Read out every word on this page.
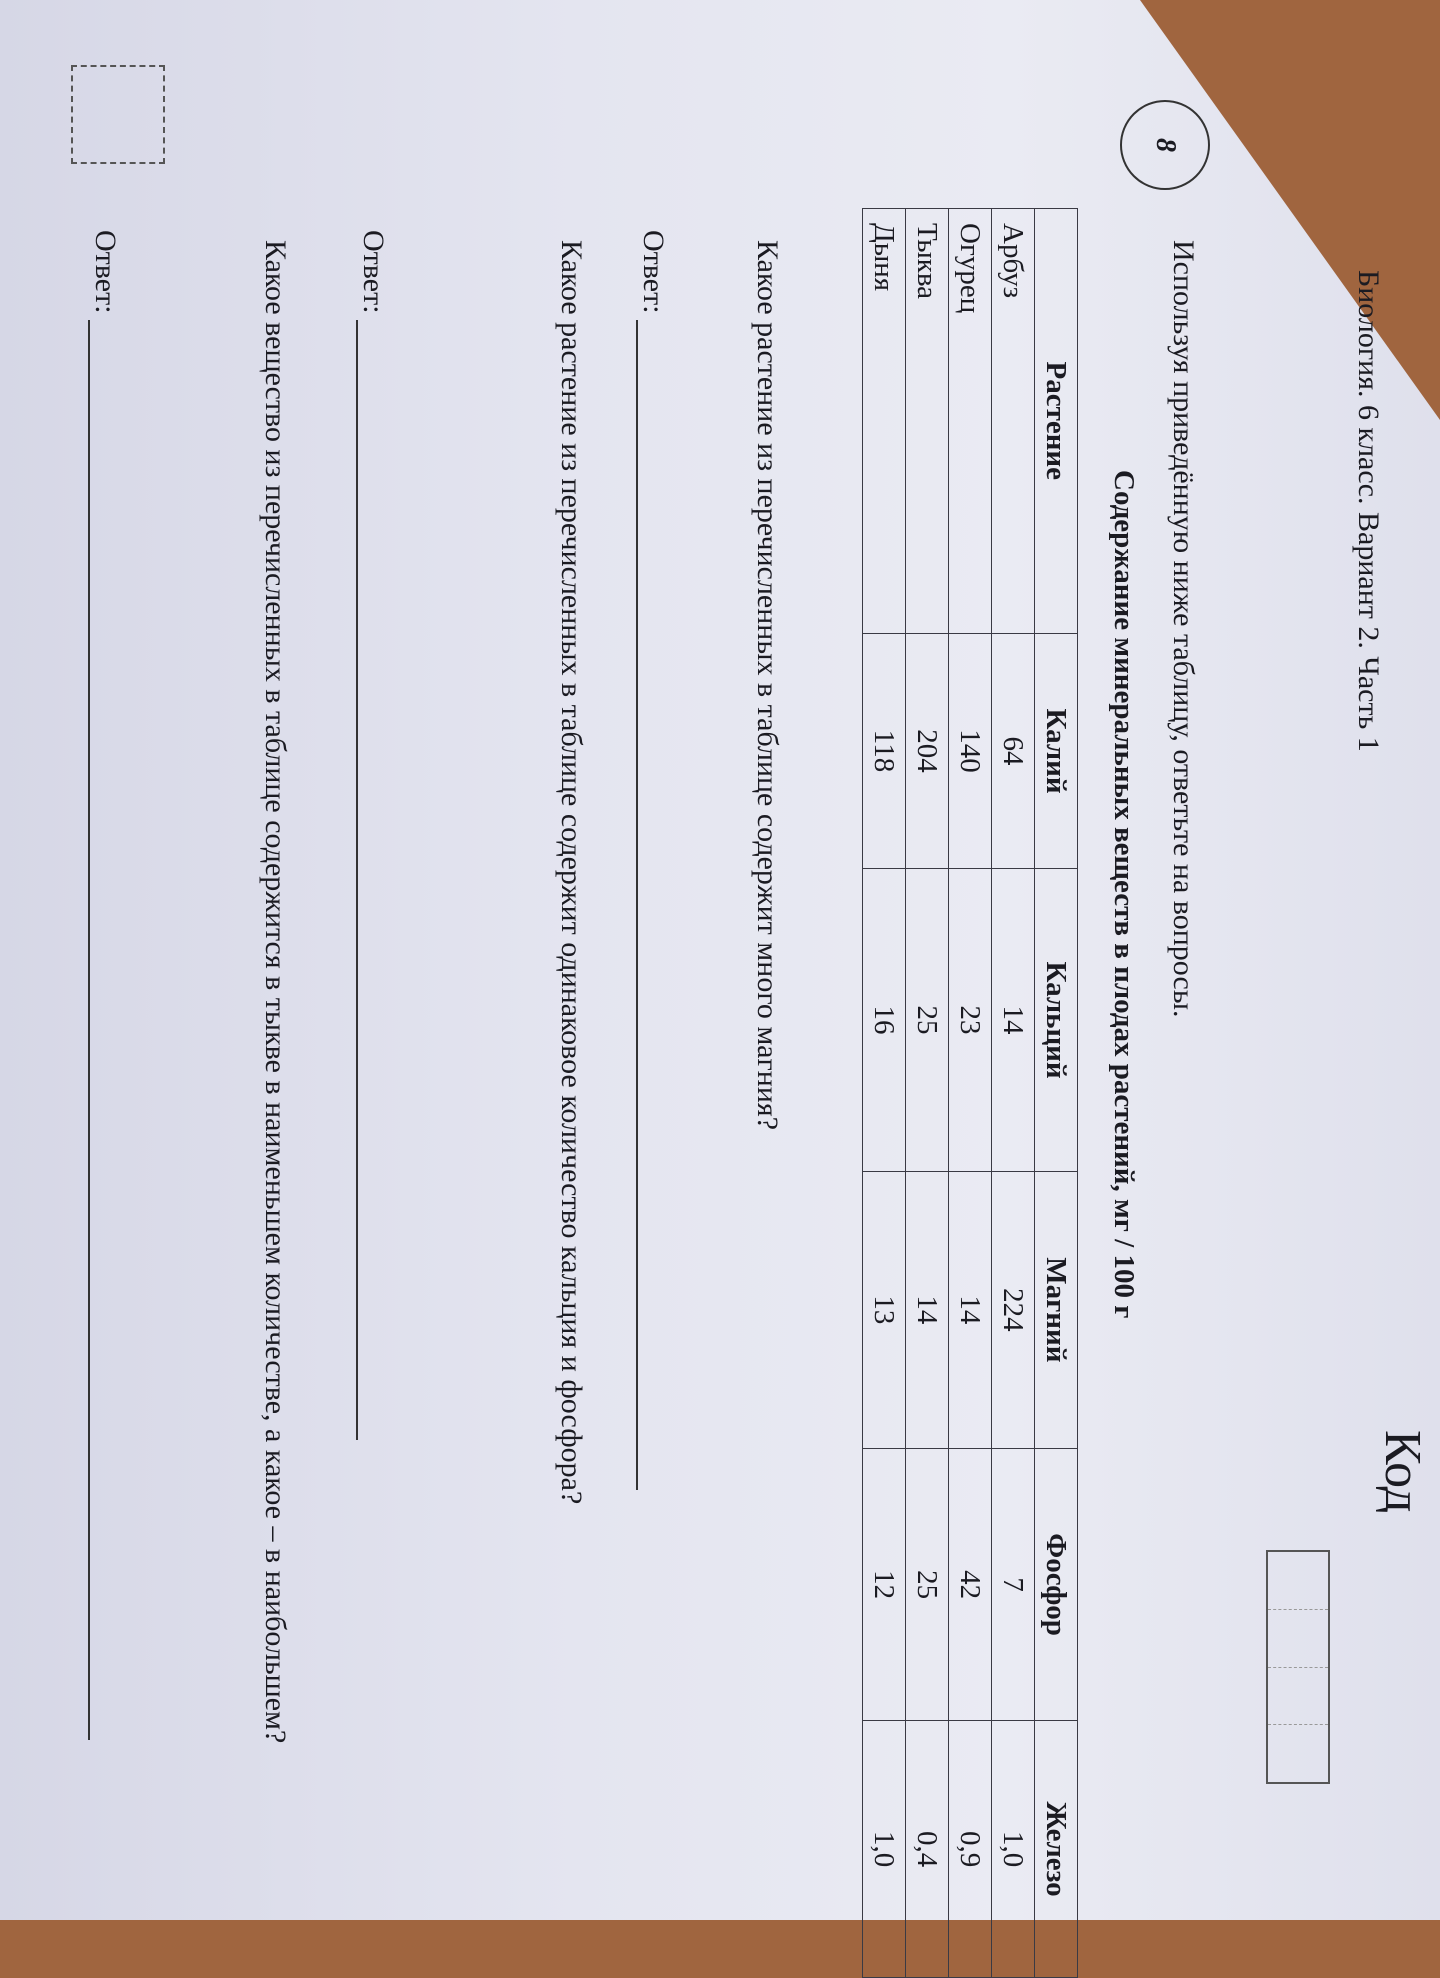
Биология. 6 класс. Вариант 2. Часть 1
Код
8
Используя приведённую ниже таблицу, ответьте на вопросы.
Содержание минеральных веществ в плодах растений, мг / 100 г
Растение	Калий	Кальций	Магний	Фосфор	Железо
Арбуз	64	14	224	7	1,0
Огурец	140	23	14	42	0,9
Тыква	204	25	14	25	0,4
Дыня	118	16	13	12	1,0
Какое растение из перечисленных в таблице содержит много магния?
Ответ:
Какое растение из перечисленных в таблице содержит одинаковое количество кальция и фосфора?
Ответ:
Какое вещество из перечисленных в таблице содержится в тыкве в наименьшем количестве, а какое – в наибольшем?
Ответ:
